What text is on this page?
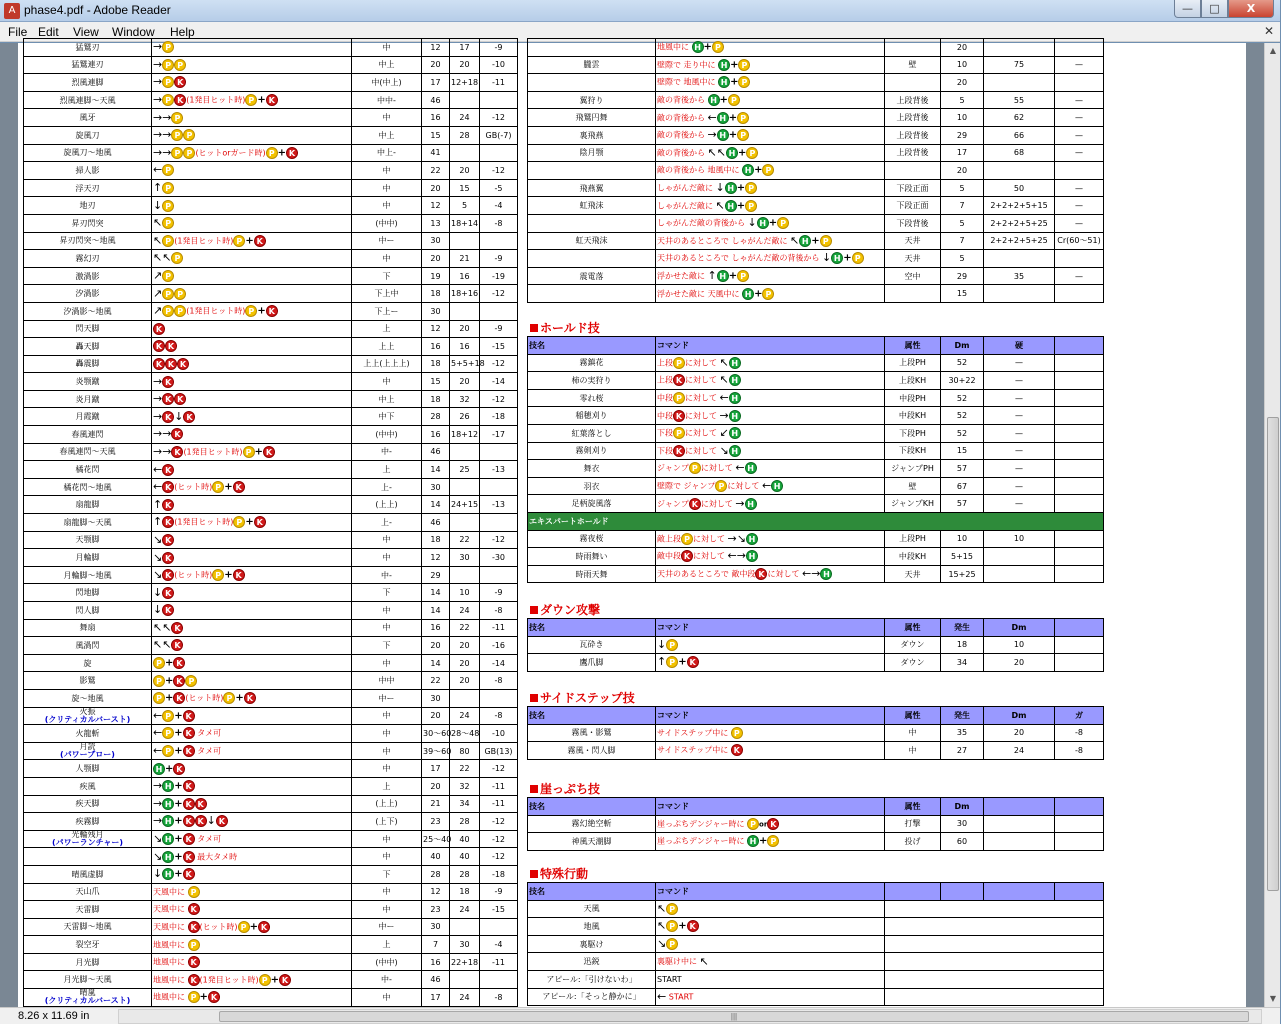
A phase4.pdf - Adobe Reader	—	□	X
File Edit View Window Help	✕
猛鷲刃	→ P	中	12	17	-9
猛鷲連刃	→ P P	中上	20	20	-10
烈風連脚	→ P K	中(中上)	17	12+18	-11
烈風連脚～天風	→ P K (1発目ヒット時) P + K	中中-	46		
風牙	→→ P	中	16	24	-12
旋風刀	→→ P P	中上	15	28	GB(-7)
旋風刀～地風	→→ P P (ヒットorガード時) P + K	中上-	41		
掃人影	← P	中	22	20	-12
浮天刃	↑ P	中	20	15	-5
地刃	↓ P	中	12	5	-4
昇刃閃突	↖ P	(中中)	13	18+14	-8
昇刃閃突～地風	↖ P (1発目ヒット時) P + K	中ー	30		
霧幻刃	↖↖ P	中	20	21	-9
激渦影	↗ P	下	19	16	-19
汐渦影	↗ P P	下上中	18	18+16	-12
汐渦影～地風	↗ P P (1発目ヒット時) P + K	下上ー	30		
閃天脚	K	上	12	20	-9
轟天脚	K K	上上	16	16	-15
轟震脚	K K K	上上(上上上)	18	5+5+18	-12
炎颚蹴	→ K	中	15	20	-14
炎月蹴	→ K K	中上	18	32	-12
月霞蹴	→ K ↓ K	中下	28	26	-18
春風連閃	→→ K	(中中)	16	18+12	-17
春風連閃～天風	→→ K (1発目ヒット時) P + K	中-	46		
橘花閃	← K	上	14	25	-13
橘花閃～地風	← K (ヒット時) P + K	上-	30		
扇龍脚	↑ K	(上上)	14	24+15	-13
扇龍脚～天風	↑ K (1発目ヒット時) P + K	上-	46		
天颚脚	↘ K	中	18	22	-12
月輪脚	↘ K	中	12	30	-30
月輪脚～地風	↘ K (ヒット時) P + K	中-	29		
閃地脚	↓ K	下	14	10	-9
閃人脚	↓ K	中	14	24	-8
舞扇	↖↖ K	中	16	22	-11
風渦閃	↖↖ K	下	20	20	-16
旋	P + K	中	14	20	-14
影鷲	P + K P	中中	22	20	-8
旋～地風	P + K (ヒット時) P + K	中ー	30		

火振
(クリティカルバースト)	← P + K	中	20	24	-8
火龍斬	← P + K タメ可	中	30～60	28～48	-10

月読
(パワーブロー)	← P + K タメ可	中	39～60	80	GB(13)
人颚脚	H + K	中	17	22	-12
疾風	→ H + K	上	20	32	-11
疾天脚	→ H + K K	(上上)	21	34	-11
疾霧脚	→ H + K K ↓ K	(上下)	23	28	-12

光輪残月
(パワーランチャー)	↘ H + K タメ可	中	25～40	40	-12
	↘ H + K 最大タメ時	中	40	40	-12
晴風虚脚	↓ H + K	下	28	28	-18
天山爪	天風中に P	中	12	18	-9
天雷脚	天風中に K	中	23	24	-15
天雷脚～地風	天風中に K (ヒット時) P + K	中ー	30		
裂空牙	地風中に P	上	7	30	-4
月光脚	地風中に K	(中中)	16	22+18	-11
月光脚～天風	地風中に K (1発目ヒット時) P + K	中-	46		

晴嵐
(クリティカルバースト)	地風中に P + K	中	17	24	-8
	地風中に H + P		20		
朧雲	壁際で 走り中に H + P	壁	10	75	—
	壁際で 地風中に H + P		20		
翼狩り	敵の背後から H + P	上段背後	5	55	—
飛鷲円舞	敵の背後から ← H + P	上段背後	10	62	—
裏飛燕	敵の背後から → H + P	上段背後	29	66	—
陰月颚	敵の背後から ↖↖ H + P	上段背後	17	68	—
	敵の背後から 地風中に H + P		20		
飛燕翼	しゃがんだ敵に ↓ H + P	下段正面	5	50	—
虹飛沫	しゃがんだ敵に ↖ H + P	下段正面	7	2+2+2+5+15	—
	しゃがんだ敵の背後から ↓ H + P	下段背後	5	2+2+2+5+25	—
虹天飛沫	天井のあるところで しゃがんだ敵に ↖ H + P	天井	7	2+2+2+5+25	Cr(60～51)
	天井のあるところで しゃがんだ敵の背後から ↓ H + P	天井	5		
震電落	浮かせた敵に ↑ H + P	空中	29	35	—
	浮かせた敵に 天風中に H + P		15		
ホールド技
技名	コマンド	属性	Dm	硬	
霧鎮花	上段 P に対して ↖ H	上段PH	52	—	
柿の実狩り	上段 K に対して ↖ H	上段KH	30+22	—	
零れ桜	中段 P に対して ← H	中段PH	52	—	
稲穂刈り	中段 K に対して → H	中段KH	52	—	
紅葉落とし	下段 P に対して ↙ H	下段PH	52	—	
霧剣刈り	下段 K に対して ↘ H	下段KH	15	—	
舞衣	ジャンプ P に対して ← H	ジャンプPH	57	—	
羽衣	壁際で ジャンプ P に対して ← H	壁	67	—	
足柄旋風落	ジャンプ K に対して → H	ジャンプKH	57	—	
エキスパートホールド					
霧夜桜	敵上段 P に対して →↘ H	上段PH	10	10	
時雨舞い	敵中段 K に対して ←→ H	中段KH	5+15		
時雨天舞	天井のあるところで 敵中段 K に対して ←→ H	天井	15+25		
ダウン攻撃
技名	コマンド	属性	発生	Dm	
瓦砕き	↓ P	ダウン	18	10	
鷹爪脚	↑ P + K	ダウン	34	20	
サイドステップ技
技名	コマンド	属性	発生	Dm	ガ
霧風・影鷲	サイドステップ中に P	中	35	20	-8
霧風・閃人脚	サイドステップ中に K	中	27	24	-8
崖っぷち技
技名	コマンド	属性	Dm		
霧幻絶空斬	崖っぷちデンジャー時に P or K	打撃	30		
神風天潮脚	崖っぷちデンジャー時に H + P	投げ	60		
特殊行動
技名	コマンド				
天風	↖ P				
地風	↖ P + K				
裏駆け	↘ P				
迅鋭	裏駆け中に ↖				
アピール:「引けないわ」	START				
アピール:「そっと静かに」	← START				
▲
▼
8.26 x 11.69 in	|||
